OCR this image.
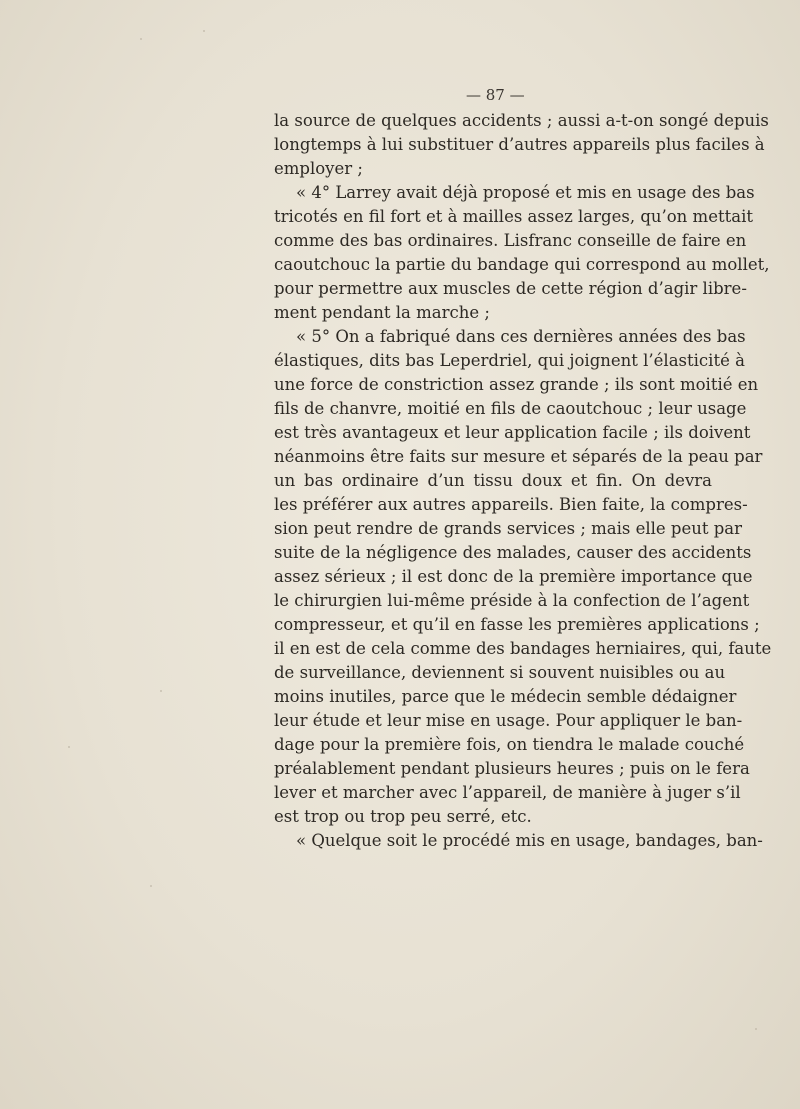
— 87 —
la source de quelques accidents ; aussi a-t-on songé depuis
longtemps à lui substituer d’autres appareils plus faciles à
employer ;
« 4° Larrey avait déjà proposé et mis en usage des bas
tricotés en fil fort et à mailles assez larges, qu’on mettait
comme des bas ordinaires. Lisfranc conseille de faire en
caoutchouc la partie du bandage qui correspond au mollet,
pour permettre aux muscles de cette région d’agir libre-
ment pendant la marche ;
« 5° On a fabriqué dans ces dernières années des bas
élastiques, dits bas Leperdriel, qui joignent l’élasticité à
une force de constriction assez grande ; ils sont moitié en
fils de chanvre, moitié en fils de caoutchouc ; leur usage
est très avantageux et leur application facile ; ils doivent
néanmoins être faits sur mesure et séparés de la peau par
un bas ordinaire d’un tissu doux et fin. On devra
les préférer aux autres appareils. Bien faite, la compres-
sion peut rendre de grands services ; mais elle peut par
suite de la négligence des malades, causer des accidents
assez sérieux ; il est donc de la première importance que
le chirurgien lui-même préside à la confection de l’agent
compresseur, et qu’il en fasse les premières applications ;
il en est de cela comme des bandages herniaires, qui, faute
de surveillance, deviennent si souvent nuisibles ou au
moins inutiles, parce que le médecin semble dédaigner
leur étude et leur mise en usage. Pour appliquer le ban-
dage pour la première fois, on tiendra le malade couché
préalablement pendant plusieurs heures ; puis on le fera
lever et marcher avec l’appareil, de manière à juger s’il
est trop ou trop peu serré, etc.
« Quelque soit le procédé mis en usage, bandages, ban-
